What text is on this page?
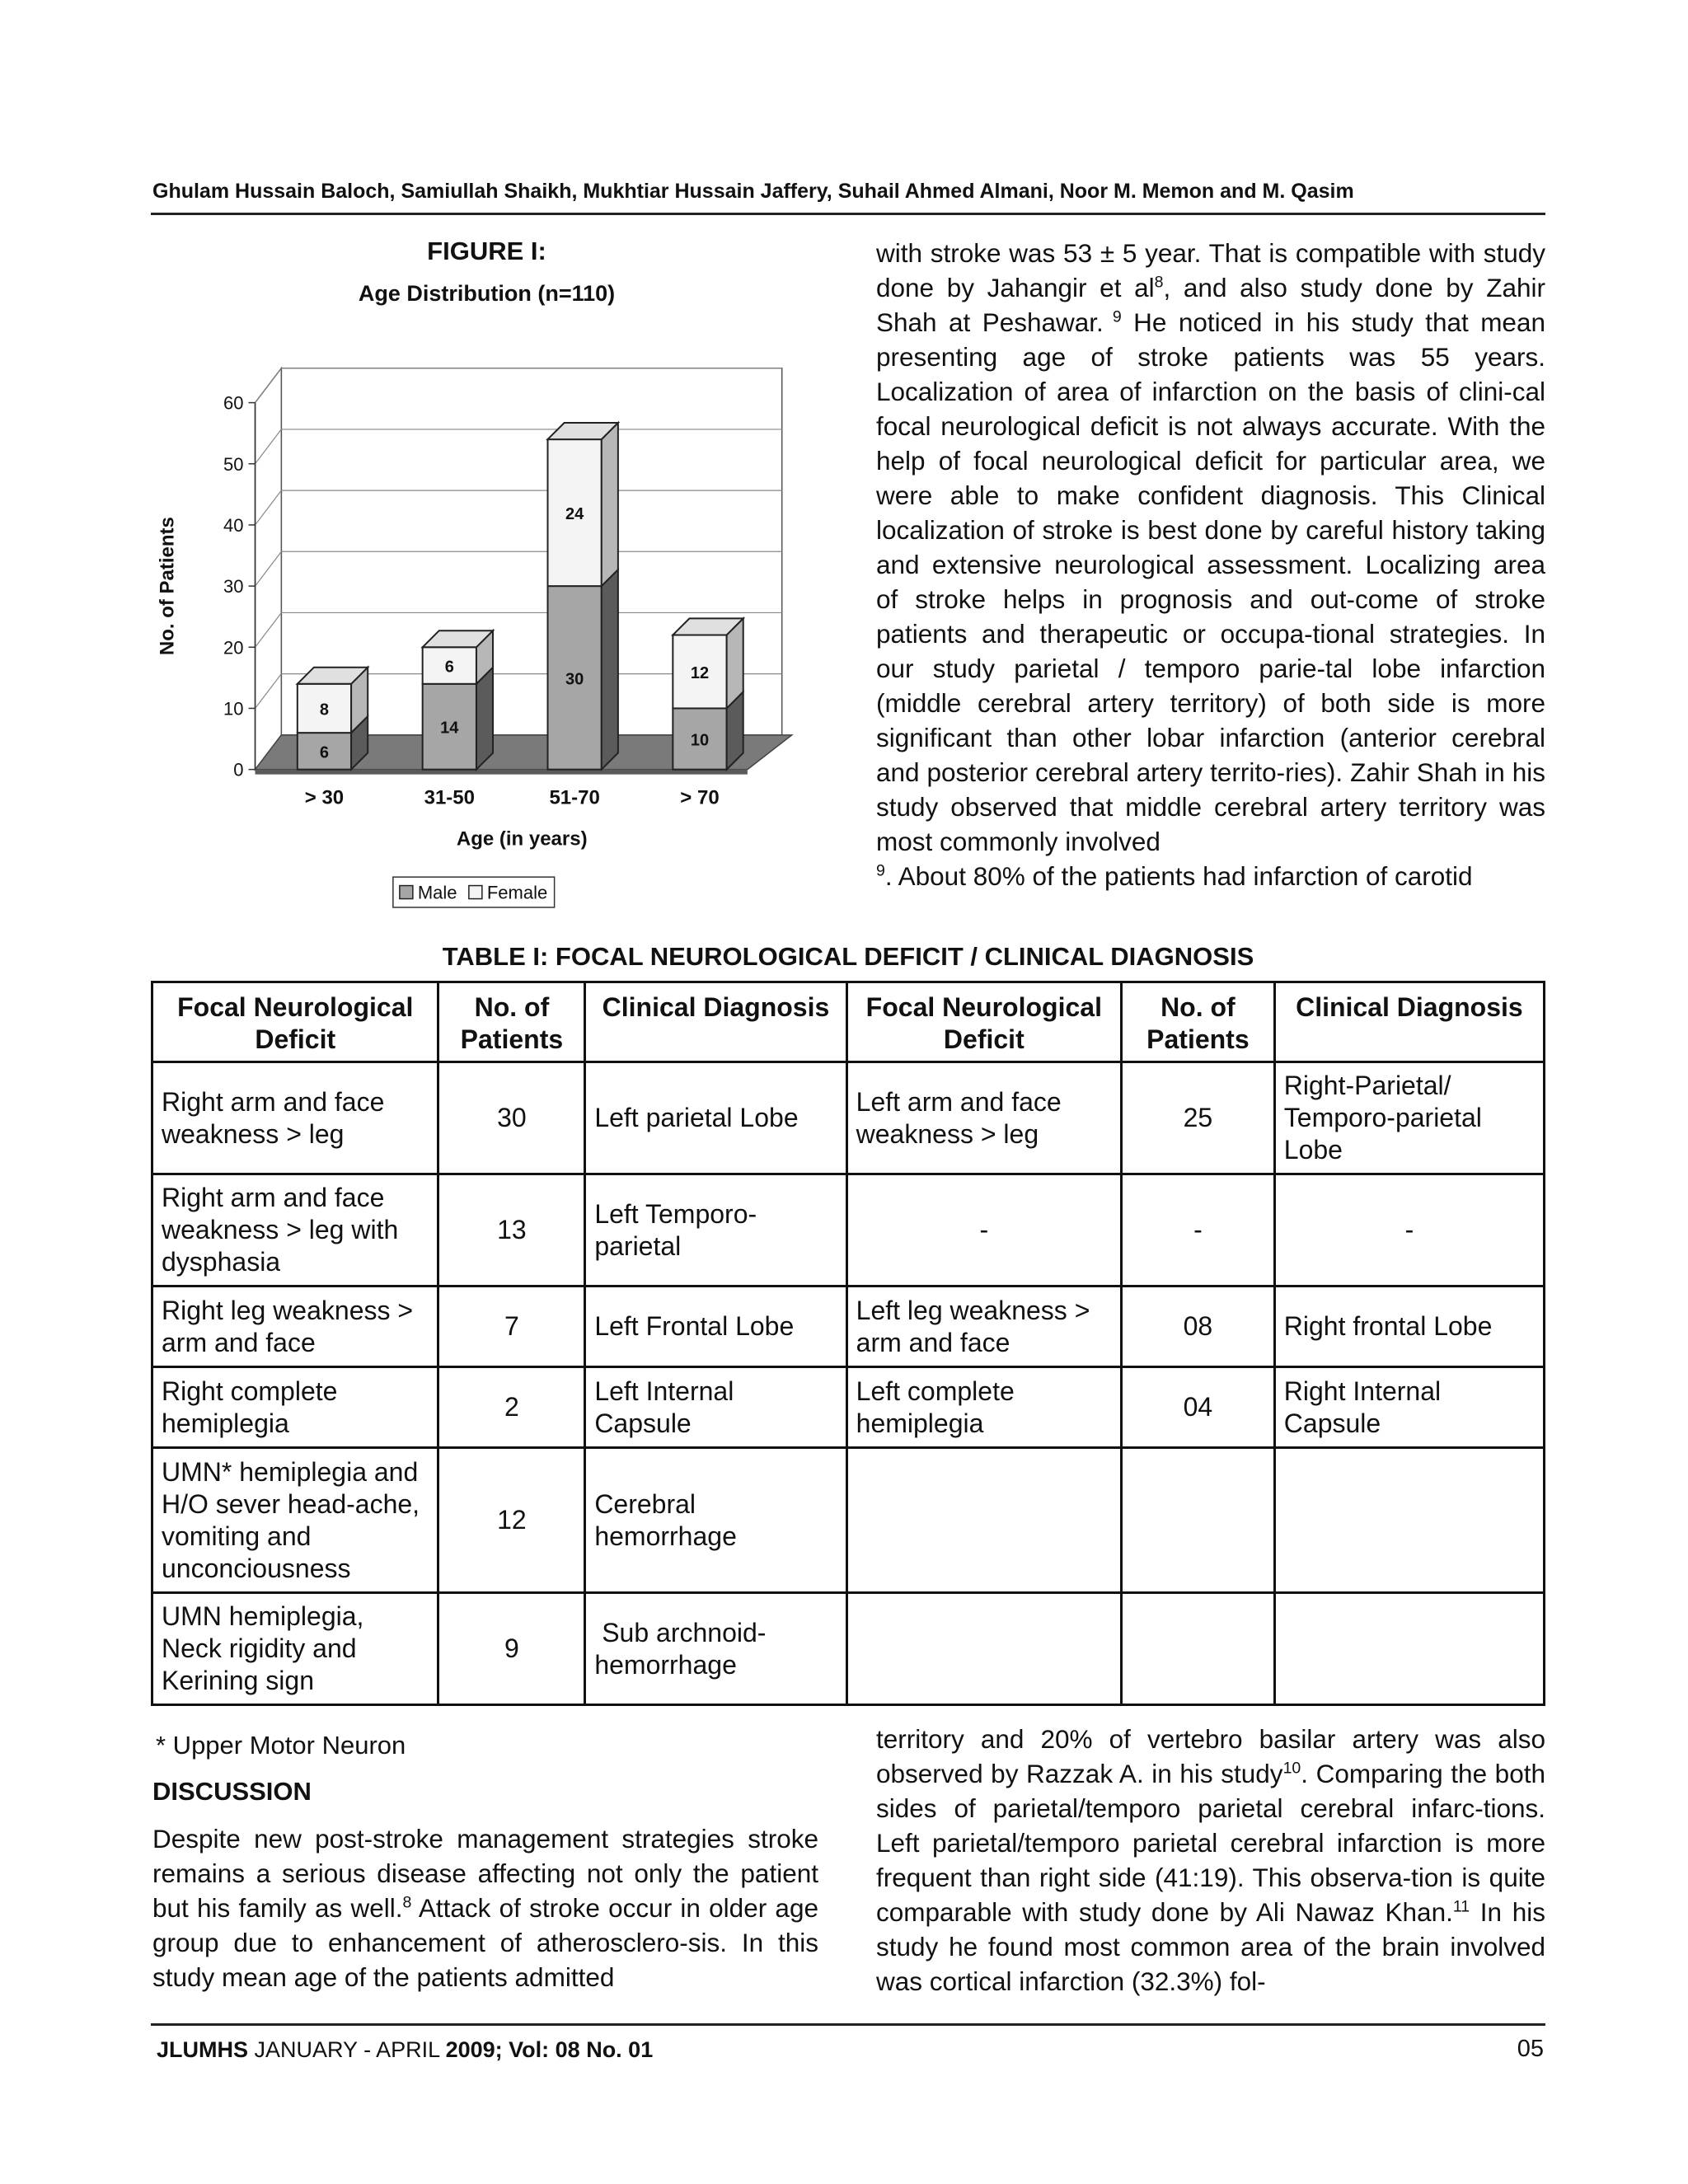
Ghulam Hussain Baloch, Samiullah Shaikh, Mukhtiar Hussain Jaffery, Suhail Ahmed Almani, Noor M. Memon and M. Qasim
FIGURE I:
Age Distribution (n=110)
6
8
14
6
30
24
10
12
0
10
20
30
40
50
60
> 30	31-50	51-70	> 70
No. of Patients
Age (in years)
Male Female

with stroke was 53 ± 5 year. That is compatible with study done by Jahangir et $al^8$, and also study done by Zahir Shah at Peshawar. $^9$ He noticed in his study that mean presenting age of stroke patients was 55 years. Localization of area of infarction on the basis of clini-cal focal neurological deficit is not always accurate. With the help of focal neurological deficit for particular area, we were able to make confident diagnosis. This Clinical localization of stroke is best done by careful history taking and extensive neurological assessment. Localizing area of stroke helps in prognosis and out-come of stroke patients and therapeutic or occupa-tional strategies. In our study parietal / temporo parie-tal lobe infarction (middle cerebral artery territory) of both side is more significant than other lobar infarction (anterior cerebral and posterior cerebral artery territo-ries). Zahir Shah in his study observed that middle cerebral artery territory was most commonly involved
$^9$. About 80% of the patients had infarction of carotid

TABLE I: FOCAL NEUROLOGICAL DEFICIT / CLINICAL DIAGNOSIS
Focal Neurological Deficit	No. of Patients	Clinical Diagnosis	Focal Neurological Deficit	No. of Patients	Clinical Diagnosis
Right arm and face weakness > leg	30	Left parietal Lobe	Left arm and face weakness > leg	25	Right-Parietal/ Temporo-parietal Lobe
Right arm and face weakness > leg with dysphasia	13	Left Temporo-parietal	-	-	-
Right leg weakness > arm and face	7	Left Frontal Lobe	Left leg weakness > arm and face	08	Right frontal Lobe
Right complete hemiplegia	2	Left Internal Capsule	Left complete hemiplegia	04	Right Internal Capsule
UMN* hemiplegia and H/O sever head-ache, vomiting and unconciousness	12	Cerebral hemorrhage			
UMN hemiplegia, Neck rigidity and Kerining sign	9	Sub archnoid-hemorrhage			
* Upper Motor Neuron
DISCUSSION

Despite new post-stroke management strategies stroke remains a serious disease affecting not only the patient but his family as well.$^8$ Attack of stroke occur in older age group due to enhancement of atherosclero-sis. In this study mean age of the patients admitted

territory and 20% of vertebro basilar artery was also observed by Razzak A. in his study$^{10}$. Comparing the both sides of parietal/temporo parietal cerebral infarc-tions. Left parietal/temporo parietal cerebral infarction is more frequent than right side (41:19). This observa-tion is quite comparable with study done by Ali Nawaz Khan.$^{11}$ In his study he found most common area of the brain involved was cortical infarction (32.3%) fol-

JLUMHS JANUARY - APRIL 2009; Vol: 08 No. 01	05
